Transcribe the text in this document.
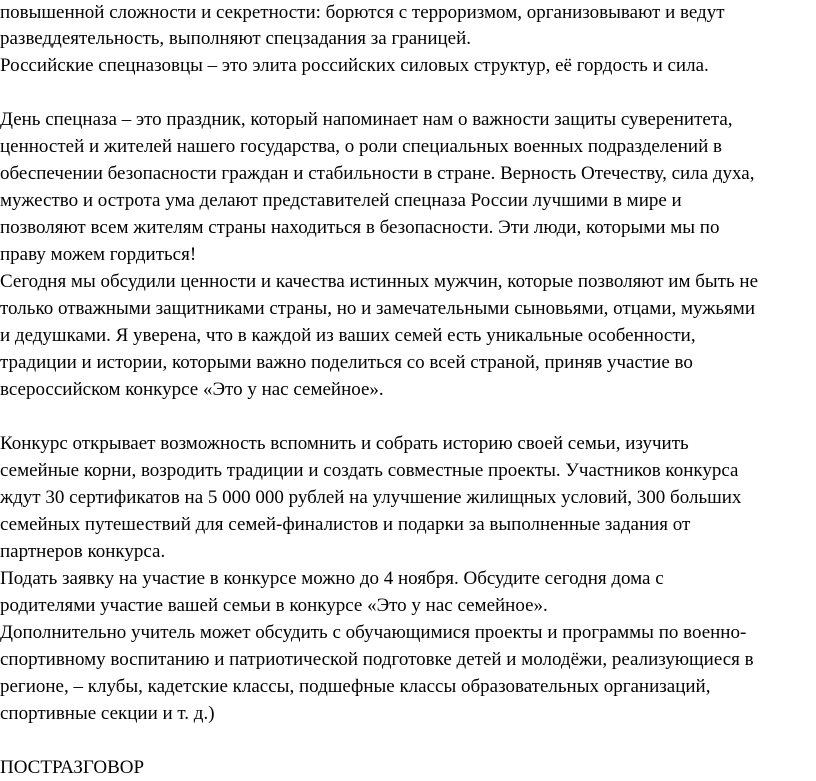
повышенной сложности и секретности: борются с терроризмом, организовывают и ведут
разведдеятельность, выполняют спецзадания за границей.
Российские спецназовцы – это элита российских силовых структур, её гордость и сила.
День спецназа – это праздник, который напоминает нам о важности защиты суверенитета,
ценностей и жителей нашего государства, о роли специальных военных подразделений в
обеспечении безопасности граждан и стабильности в стране. Верность Отечеству, сила духа,
мужество и острота ума делают представителей спецназа России лучшими в мире и
позволяют всем жителям страны находиться в безопасности. Эти люди, которыми мы по
праву можем гордиться!
Сегодня мы обсудили ценности и качества истинных мужчин, которые позволяют им быть не
только отважными защитниками страны, но и замечательными сыновьями, отцами, мужьями
и дедушками. Я уверена, что в каждой из ваших семей есть уникальные особенности,
традиции и истории, которыми важно поделиться со всей страной, приняв участие во
всероссийском конкурсе «Это у нас семейное».
Конкурс открывает возможность вспомнить и собрать историю своей семьи, изучить
семейные корни, возродить традиции и создать совместные проекты. Участников конкурса
ждут 30 сертификатов на 5 000 000 рублей на улучшение жилищных условий, 300 больших
семейных путешествий для семей-финалистов и подарки за выполненные задания от
партнеров конкурса.
Подать заявку на участие в конкурсе можно до 4 ноября. Обсудите сегодня дома с
родителями участие вашей семьи в конкурсе «Это у нас семейное».
Дополнительно учитель может обсудить с обучающимися проекты и программы по военно-
спортивному воспитанию и патриотической подготовке детей и молодёжи, реализующиеся в
регионе, – клубы, кадетские классы, подшефные классы образовательных организаций,
спортивные секции и т. д.)
ПОСТРАЗГОВОР
